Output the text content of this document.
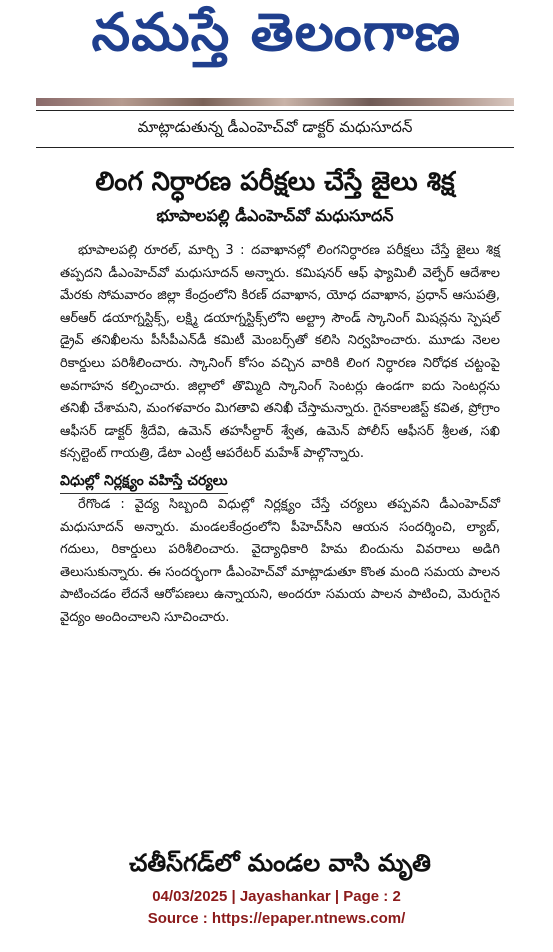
నమస్తే తెలంగాణ
మాట్లాడుతున్న డీఎంహెచ్‌వో డాక్టర్ మధుసూదన్
లింగ నిర్ధారణ పరీక్షలు చేస్తే జైలు శిక్ష
భూపాలపల్లి డీఎంహెచ్‌వో మధుసూదన్

భూపాలపల్లి రూరల్, మార్చి 3 : దవాఖానల్లో లింగనిర్ధారణ పరీక్షలు చేస్తే జైలు శిక్ష తప్పదని డీఎంహెచ్‌వో మధుసూదన్ అన్నారు. కమిషనర్ ఆఫ్ ఫ్యామిలీ వెల్ఫేర్ ఆదేశాల మేరకు సోమవారం జిల్లా కేంద్రంలోని కిరణ్ దవాఖాన, యోధ దవాఖాన, ప్రధాన్ ఆసుపత్రి, ఆర్‌ఆర్ డయాగ్నస్టిక్స్, లక్ష్మి డయాగ్నస్టిక్స్‌లోని అల్ట్రా సౌండ్ స్కానింగ్ మిషన్లను స్పెషల్ డ్రైవ్ తనిఖీలను పీసీపీఎన్‌డీ కమిటీ మెంబర్స్‌తో కలిసి నిర్వహించారు. మూడు నెలల రికార్డులు పరిశీలించారు. స్కానింగ్ కోసం వచ్చిన వారికి లింగ నిర్ధారణ నిరోధక చట్టంపై అవగాహన కల్పించారు. జిల్లాలో తొమ్మిది స్కానింగ్ సెంటర్లు ఉండగా ఐదు సెంటర్లను తనిఖీ చేశామని, మంగళవారం మిగతావి తనిఖీ చేస్తామన్నారు. గైనకాలజిస్ట్ కవిత, ప్రోగ్రాం ఆఫీసర్ డాక్టర్ శ్రీదేవి, ఉమెన్ తహసీల్దార్ శ్వేత, ఉమెన్ పోలీస్ ఆఫీసర్ శ్రీలత, సఖి కన్సల్టెంట్ గాయత్రి, డేటా ఎంట్రీ ఆపరేటర్ మహేశ్ పాల్గొన్నారు.

విధుల్లో నిర్లక్ష్యం వహిస్తే చర్యలు

రేగొండ : వైద్య సిబ్బంది విధుల్లో నిర్లక్ష్యం చేస్తే చర్యలు తప్పవని డీఎంహెచ్‌వో మధుసూదన్ అన్నారు. మండలకేంద్రంలోని పీహెచ్‌సీని ఆయన సందర్శించి, ల్యాబ్, గదులు, రికార్డులు పరిశీలించారు. వైద్యాధికారి హిమ బిందును వివరాలు అడిగి తెలుసుకున్నారు. ఈ సందర్భంగా డీఎంహెచ్‌వో మాట్లాడుతూ కొంత మంది సమయ పాలన పాటించడం లేదనే ఆరోపణలు ఉన్నాయని, అందరూ సమయ పాలన పాటించి, మెరుగైన వైద్యం అందించాలని సూచించారు.

చతీస్‌గడ్‌లో మండల వాసి మృతి
04/03/2025 | Jayashankar | Page : 2
Source : https://epaper.ntnews.com/
